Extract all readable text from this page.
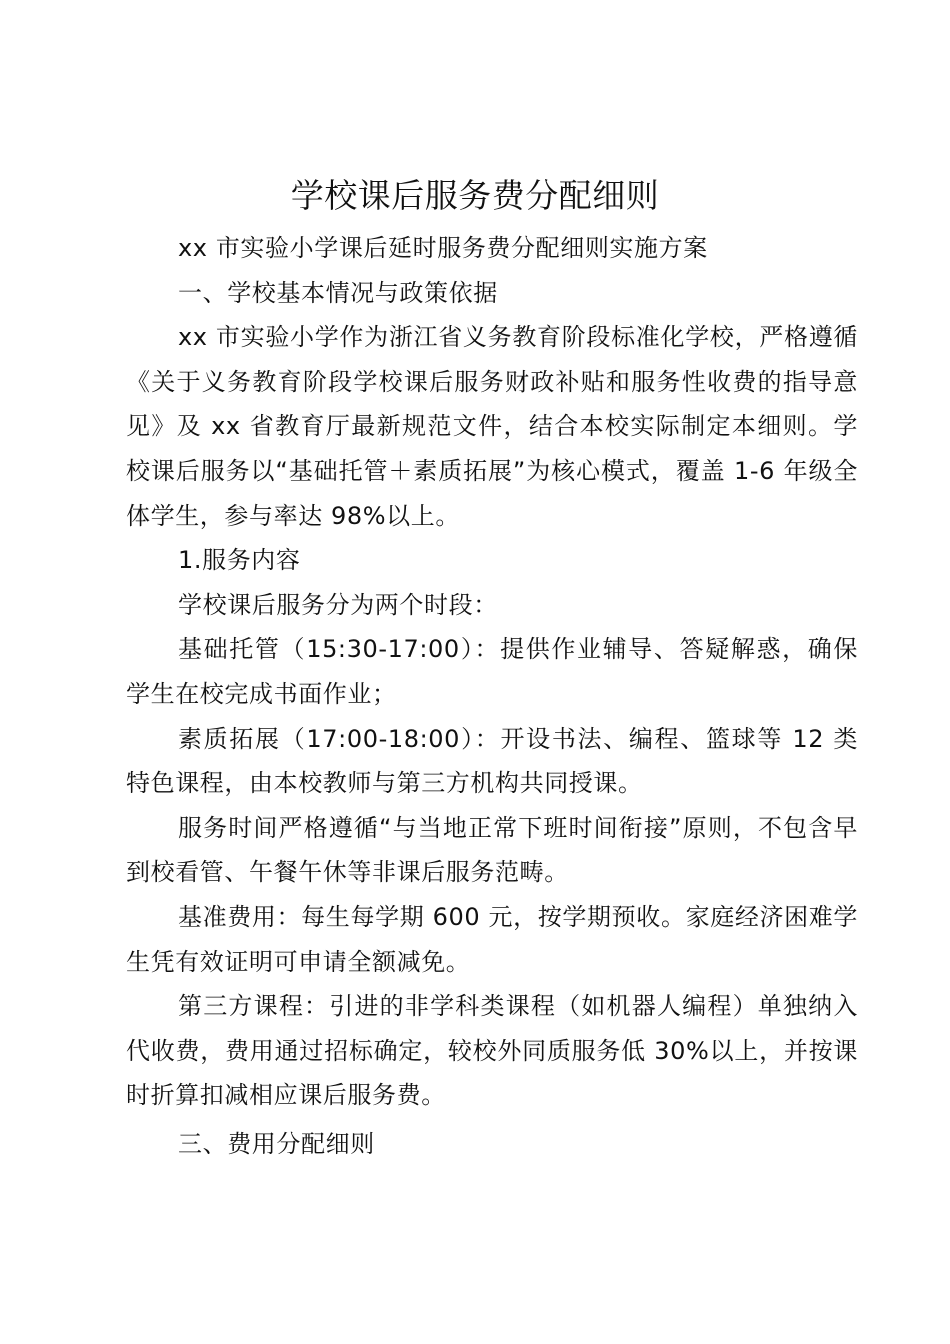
学校课后服务费分配细则

xx 市实验小学课后延时服务费分配细则实施方案

一、学校基本情况与政策依据

xx 市实验小学作为浙江省义务教育阶段标准化学校，严格遵循《关于义务教育阶段学校课后服务财政补贴和服务性收费的指导意见》及 xx 省教育厅最新规范文件，结合本校实际制定本细则。学校课后服务以“基础托管＋素质拓展”为核心模式，覆盖 1-6 年级全体学生，参与率达 98%以上。

1.服务内容

学校课后服务分为两个时段：

基础托管（15:30-17:00）：提供作业辅导、答疑解惑，确保学生在校完成书面作业；

素质拓展（17:00-18:00）：开设书法、编程、篮球等 12 类特色课程，由本校教师与第三方机构共同授课。

服务时间严格遵循“与当地正常下班时间衔接”原则，不包含早到校看管、午餐午休等非课后服务范畴。

基准费用：每生每学期 600 元，按学期预收。家庭经济困难学生凭有效证明可申请全额减免。

第三方课程：引进的非学科类课程（如机器人编程）单独纳入代收费，费用通过招标确定，较校外同质服务低 30%以上，并按课时折算扣减相应课后服务费。

三、费用分配细则
